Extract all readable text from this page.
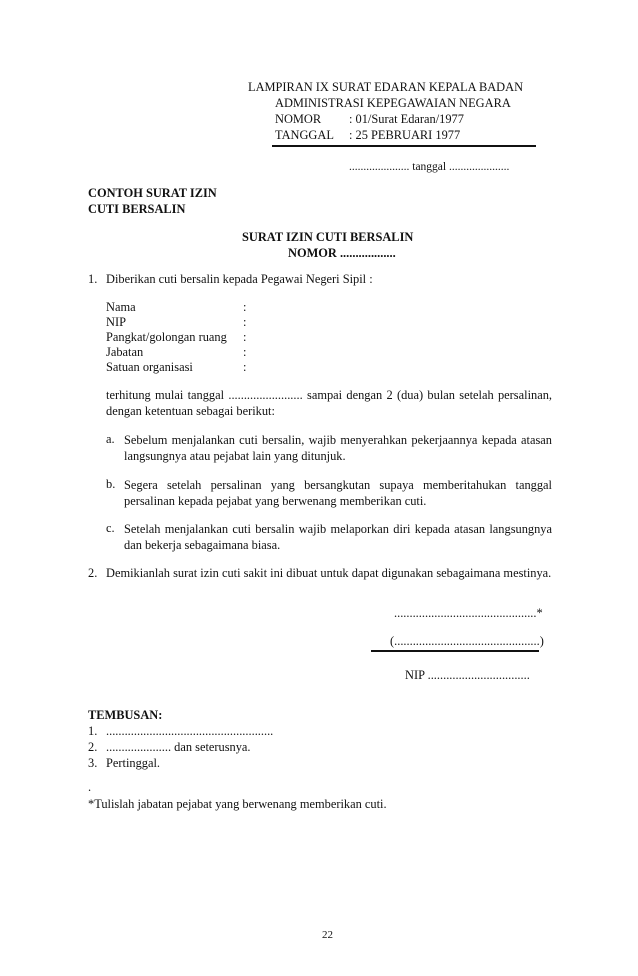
LAMPIRAN IX SURAT EDARAN KEPALA BADAN
ADMINISTRASI KEPEGAWAIAN NEGARA
NOMOR : 01/Surat Edaran/1977
TANGGAL : 25 PEBRUARI 1977
..................... tanggal .....................
CONTOH SURAT IZIN
CUTI BERSALIN
SURAT IZIN CUTI BERSALIN
NOMOR ..................
1. Diberikan cuti bersalin kepada Pegawai Negeri Sipil :
Nama	:
NIP	:
Pangkat/golongan ruang :
Jabatan	:
Satuan organisasi	:
terhitung mulai tanggal ........................ sampai dengan 2 (dua) bulan setelah persalinan,
dengan ketentuan sebagai berikut:
a. Sebelum menjalankan cuti bersalin, wajib menyerahkan pekerjaannya kepada atasan
langsungnya atau pejabat lain yang ditunjuk.
b. Segera setelah persalinan yang bersangkutan supaya memberitahukan tanggal
persalinan kepada pejabat yang berwenang memberikan cuti.
c. Setelah menjalankan cuti bersalin wajib melaporkan diri kepada atasan langsungnya
dan bekerja sebagaimana biasa.
2. Demikianlah surat izin cuti sakit ini dibuat untuk dapat digunakan sebagaimana mestinya.
..............................................*
(...............................................)
NIP .................................
TEMBUSAN:
1. ......................................................
2. ..................... dan seterusnya.
3. Pertinggal.
.
*Tulislah jabatan pejabat yang berwenang memberikan cuti.
22
